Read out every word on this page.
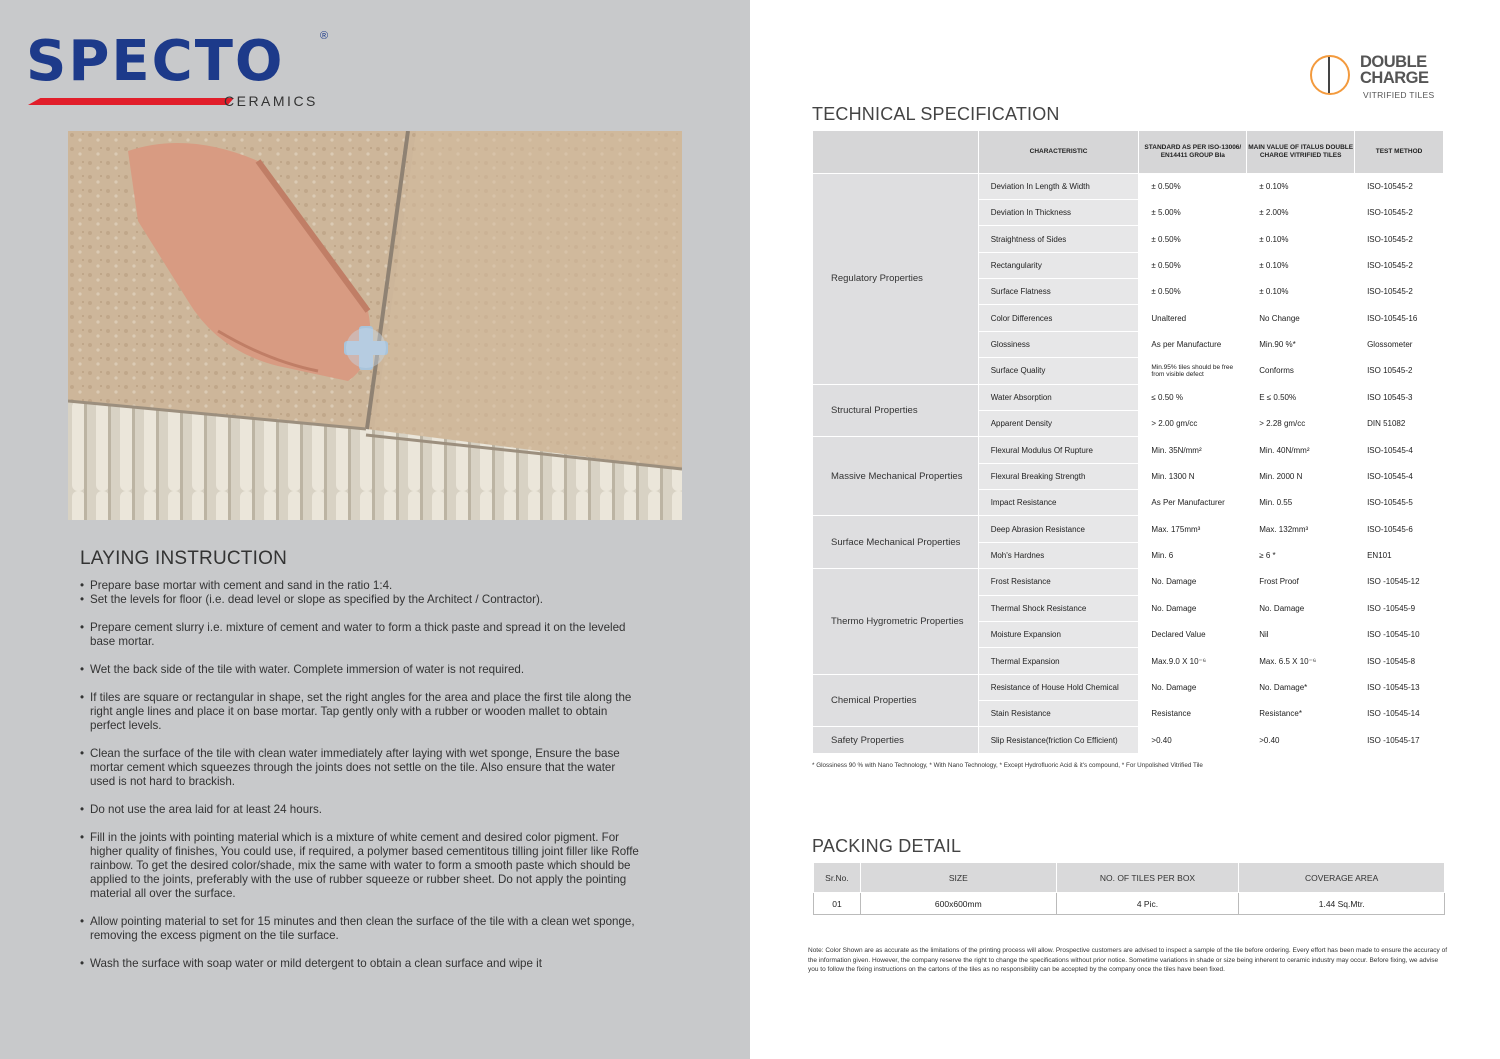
SPECTO	®
CERAMICS
LAYING INSTRUCTION
• Prepare base mortar with cement and sand in the ratio 1:4.
• Set the levels for floor (i.e. dead level or slope as specified by the Architect / Contractor).
• Prepare cement slurry i.e. mixture of cement and water to form a thick paste and spread it on the leveled base mortar.
• Wet the back side of the tile with water. Complete immersion of water is not required.
• If tiles are square or rectangular in shape, set the right angles for the area and place the first tile along the right angle lines and place it on base mortar. Tap gently only with a rubber or wooden mallet to obtain perfect levels.
• Clean the surface of the tile with clean water immediately after laying with wet sponge, Ensure the base mortar cement which squeezes through the joints does not settle on the tile. Also ensure that the water used is not hard to brackish.
• Do not use the area laid for at least 24 hours.
• Fill in the joints with pointing material which is a mixture of white cement and desired color pigment. For higher quality of finishes, You could use, if required, a polymer based cementitous tilling joint filler like Roffe rainbow. To get the desired color/shade, mix the same with water to form a smooth paste which should be applied to the joints, preferably with the use of rubber squeeze or rubber sheet. Do not apply the pointing material all over the surface.
• Allow pointing material to set for 15 minutes and then clean the surface of the tile with a clean wet sponge, removing the excess pigment on the tile surface.
• Wash the surface with soap water or mild detergent to obtain a clean surface and wipe it
DOUBLE
CHARGE
VITRIFIED TILES
TECHNICAL SPECIFICATION
	CHARACTERISTIC	STANDARD AS PER ISO-13006/ EN14411 GROUP BIa	MAIN VALUE OF ITALUS DOUBLE CHARGE VITRIFIED TILES	TEST METHOD
Regulatory Properties	Deviation In Length & Width	± 0.50%	± 0.10%	ISO-10545-2
	Deviation In Thickness	± 5.00%	± 2.00%	ISO-10545-2
	Straightness of Sides	± 0.50%	± 0.10%	ISO-10545-2
	Rectangularity	± 0.50%	± 0.10%	ISO-10545-2
	Surface Flatness	± 0.50%	± 0.10%	ISO-10545-2
	Color Differences	Unaltered	No Change	ISO-10545-16
	Glossiness	As per Manufacture	Min.90 %*	Glossometer
	Surface Quality	Min.95% tiles should be free from visible defect	Conforms	ISO 10545-2
Structural Properties	Water Absorption	≤ 0.50 %	E ≤ 0.50%	ISO 10545-3
	Apparent Density	> 2.00 gm/cc	> 2.28 gm/cc	DIN 51082
Massive Mechanical Properties	Flexural Modulus Of Rupture	Min. 35N/mm²	Min. 40N/mm²	ISO-10545-4
	Flexural Breaking Strength	Min. 1300 N	Min. 2000 N	ISO-10545-4
	Impact Resistance	As Per Manufacturer	Min. 0.55	ISO-10545-5
Surface Mechanical Properties	Deep Abrasion Resistance	Max. 175mm³	Max. 132mm³	ISO-10545-6
	Moh's Hardnes	Min. 6	≥ 6 *	EN101
Thermo Hygrometric Properties	Frost Resistance	No. Damage	Frost Proof	ISO -10545-12
	Thermal Shock Resistance	No. Damage	No. Damage	ISO -10545-9
	Moisture Expansion	Declared Value	Nil	ISO -10545-10
	Thermal Expansion	Max.9.0 X 10⁻⁶	Max. 6.5 X 10⁻⁶	ISO -10545-8
Chemical Properties	Resistance of House Hold Chemical	No. Damage	No. Damage*	ISO -10545-13
	Stain Resistance	Resistance	Resistance*	ISO -10545-14
Safety Properties	Slip Resistance(friction Co Efficient)	>0.40	>0.40	ISO -10545-17
* Glossiness 90 % with Nano Technology, * With Nano Technology, * Except Hydrofluoric Acid & it's compound, * For Unpolished Vitrified Tile
PACKING DETAIL
Sr.No.	SIZE	NO. OF TILES PER BOX	COVERAGE AREA
01	600x600mm	4 Pic.	1.44 Sq.Mtr.
Note: Color Shown are as accurate as the limitations of the printing process will allow. Prospective customers are advised to inspect a sample of the tile before ordering. Every effort has been made to ensure the accuracy of the information given. However, the company reserve the right to change the specifications without prior notice. Sometime variations in shade or size being inherent to ceramic industry may occur. Before fixing, we advise you to follow the fixing instructions on the cartons of the tiles as no responsibility can be accepted by the company once the tiles have been fixed.
